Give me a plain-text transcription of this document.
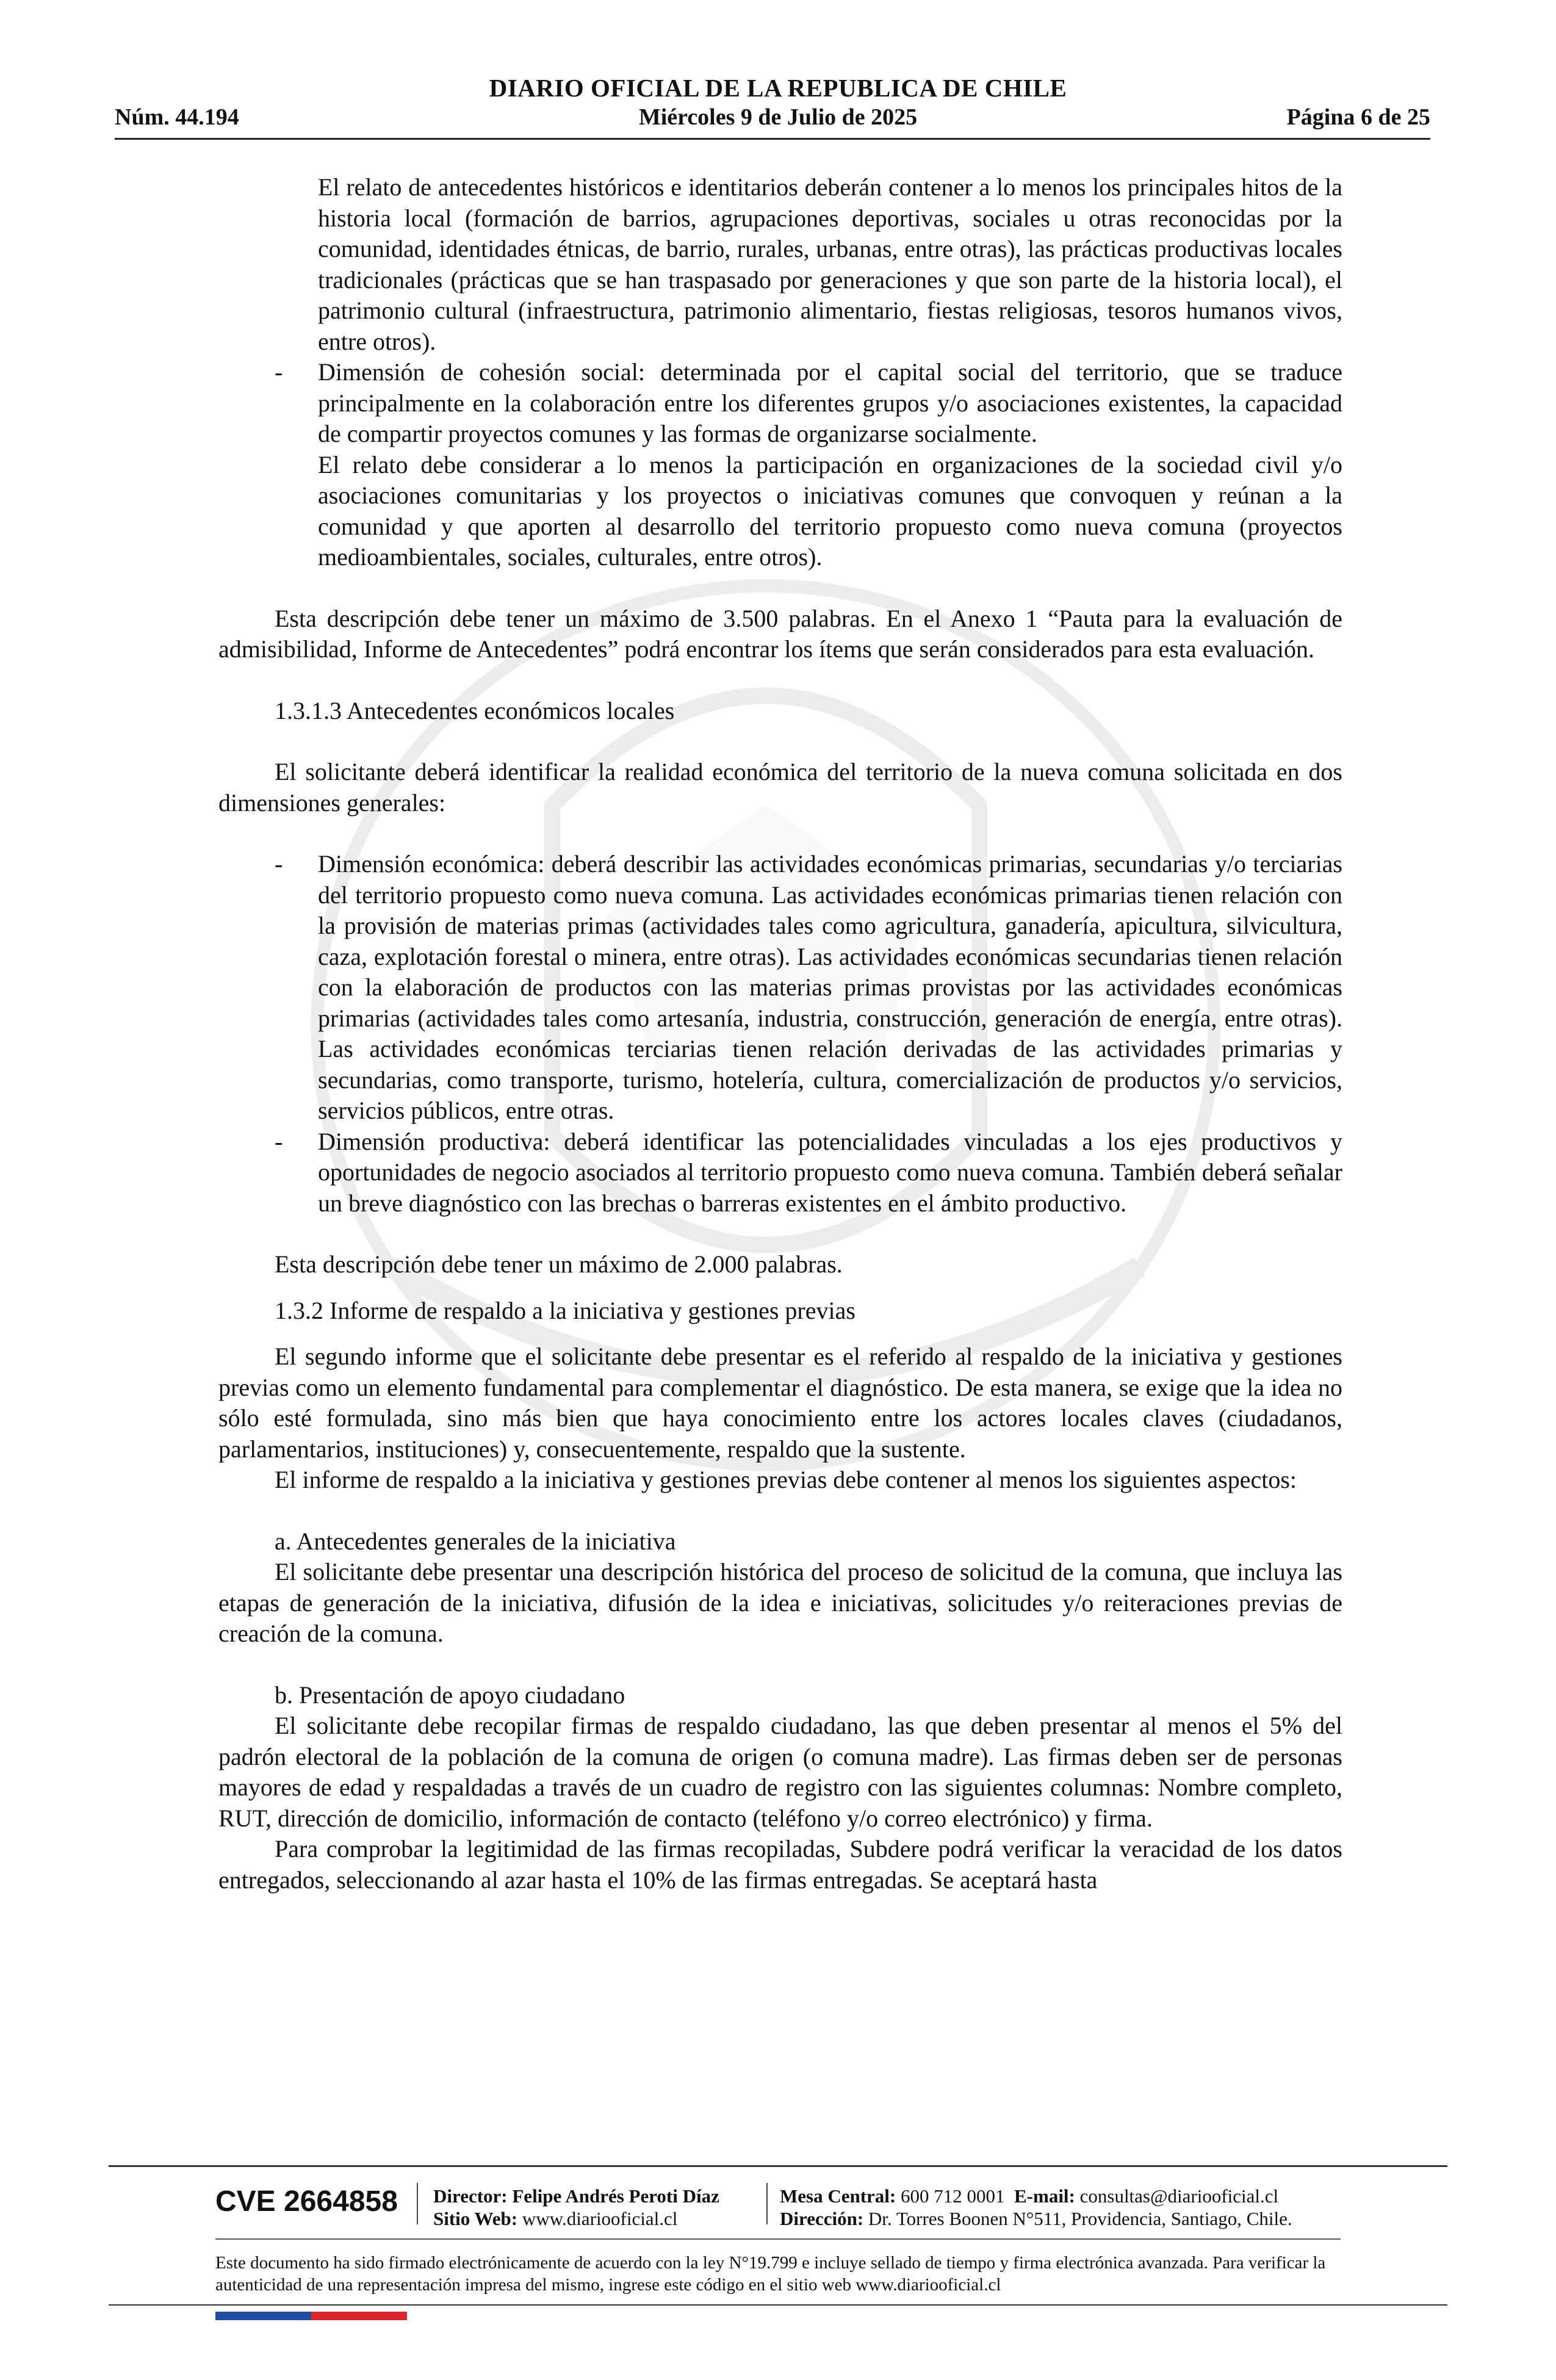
DIARIO OFICIAL DE LA REPUBLICA DE CHILE
Núm. 44.194	Miércoles 9 de Julio de 2025	Página 6 de 25

El relato de antecedentes históricos e identitarios deberán contener a lo menos los principales hitos de la historia local (formación de barrios, agrupaciones deportivas, sociales u otras reconocidas por la comunidad, identidades étnicas, de barrio, rurales, urbanas, entre otras), las prácticas productivas locales tradicionales (prácticas que se han traspasado por generaciones y que son parte de la historia local), el patrimonio cultural (infraestructura, patrimonio alimentario, fiestas religiosas, tesoros humanos vivos, entre otros).

- Dimensión de cohesión social: determinada por el capital social del territorio, que se traduce principalmente en la colaboración entre los diferentes grupos y/o asociaciones existentes, la capacidad de compartir proyectos comunes y las formas de organizarse socialmente.

El relato debe considerar a lo menos la participación en organizaciones de la sociedad civil y/o asociaciones comunitarias y los proyectos o iniciativas comunes que convoquen y reúnan a la comunidad y que aporten al desarrollo del territorio propuesto como nueva comuna (proyectos medioambientales, sociales, culturales, entre otros).

Esta descripción debe tener un máximo de 3.500 palabras. En el Anexo 1 “Pauta para la evaluación de admisibilidad, Informe de Antecedentes” podrá encontrar los ítems que serán considerados para esta evaluación.

1.3.1.3 Antecedentes económicos locales

El solicitante deberá identificar la realidad económica del territorio de la nueva comuna solicitada en dos dimensiones generales:

- Dimensión económica: deberá describir las actividades económicas primarias, secundarias y/o terciarias del territorio propuesto como nueva comuna. Las actividades económicas primarias tienen relación con la provisión de materias primas (actividades tales como agricultura, ganadería, apicultura, silvicultura, caza, explotación forestal o minera, entre otras). Las actividades económicas secundarias tienen relación con la elaboración de productos con las materias primas provistas por las actividades económicas primarias (actividades tales como artesanía, industria, construcción, generación de energía, entre otras). Las actividades económicas terciarias tienen relación derivadas de las actividades primarias y secundarias, como transporte, turismo, hotelería, cultura, comercialización de productos y/o servicios, servicios públicos, entre otras.

- Dimensión productiva: deberá identificar las potencialidades vinculadas a los ejes productivos y oportunidades de negocio asociados al territorio propuesto como nueva comuna. También deberá señalar un breve diagnóstico con las brechas o barreras existentes en el ámbito productivo.

Esta descripción debe tener un máximo de 2.000 palabras.

1.3.2 Informe de respaldo a la iniciativa y gestiones previas

El segundo informe que el solicitante debe presentar es el referido al respaldo de la iniciativa y gestiones previas como un elemento fundamental para complementar el diagnóstico. De esta manera, se exige que la idea no sólo esté formulada, sino más bien que haya conocimiento entre los actores locales claves (ciudadanos, parlamentarios, instituciones) y, consecuentemente, respaldo que la sustente.

El informe de respaldo a la iniciativa y gestiones previas debe contener al menos los siguientes aspectos:

a. Antecedentes generales de la iniciativa

El solicitante debe presentar una descripción histórica del proceso de solicitud de la comuna, que incluya las etapas de generación de la iniciativa, difusión de la idea e iniciativas, solicitudes y/o reiteraciones previas de creación de la comuna.

b. Presentación de apoyo ciudadano

El solicitante debe recopilar firmas de respaldo ciudadano, las que deben presentar al menos el 5% del padrón electoral de la población de la comuna de origen (o comuna madre). Las firmas deben ser de personas mayores de edad y respaldadas a través de un cuadro de registro con las siguientes columnas: Nombre completo, RUT, dirección de domicilio, información de contacto (teléfono y/o correo electrónico) y firma.

Para comprobar la legitimidad de las firmas recopiladas, Subdere podrá verificar la veracidad de los datos entregados, seleccionando al azar hasta el 10% de las firmas entregadas. Se aceptará hasta

CVE 2664858 Director: Felipe Andrés Peroti Díaz
Sitio Web: www.diariooficial.cl
Mesa Central: 600 712 0001 E-mail: consultas@diariooficial.cl
Dirección: Dr. Torres Boonen N°511, Providencia, Santiago, Chile.
Este documento ha sido firmado electrónicamente de acuerdo con la ley N°19.799 e incluye sellado de tiempo y firma electrónica avanzada. Para verificar la autenticidad de una representación impresa del mismo, ingrese este código en el sitio web www.diariooficial.cl
